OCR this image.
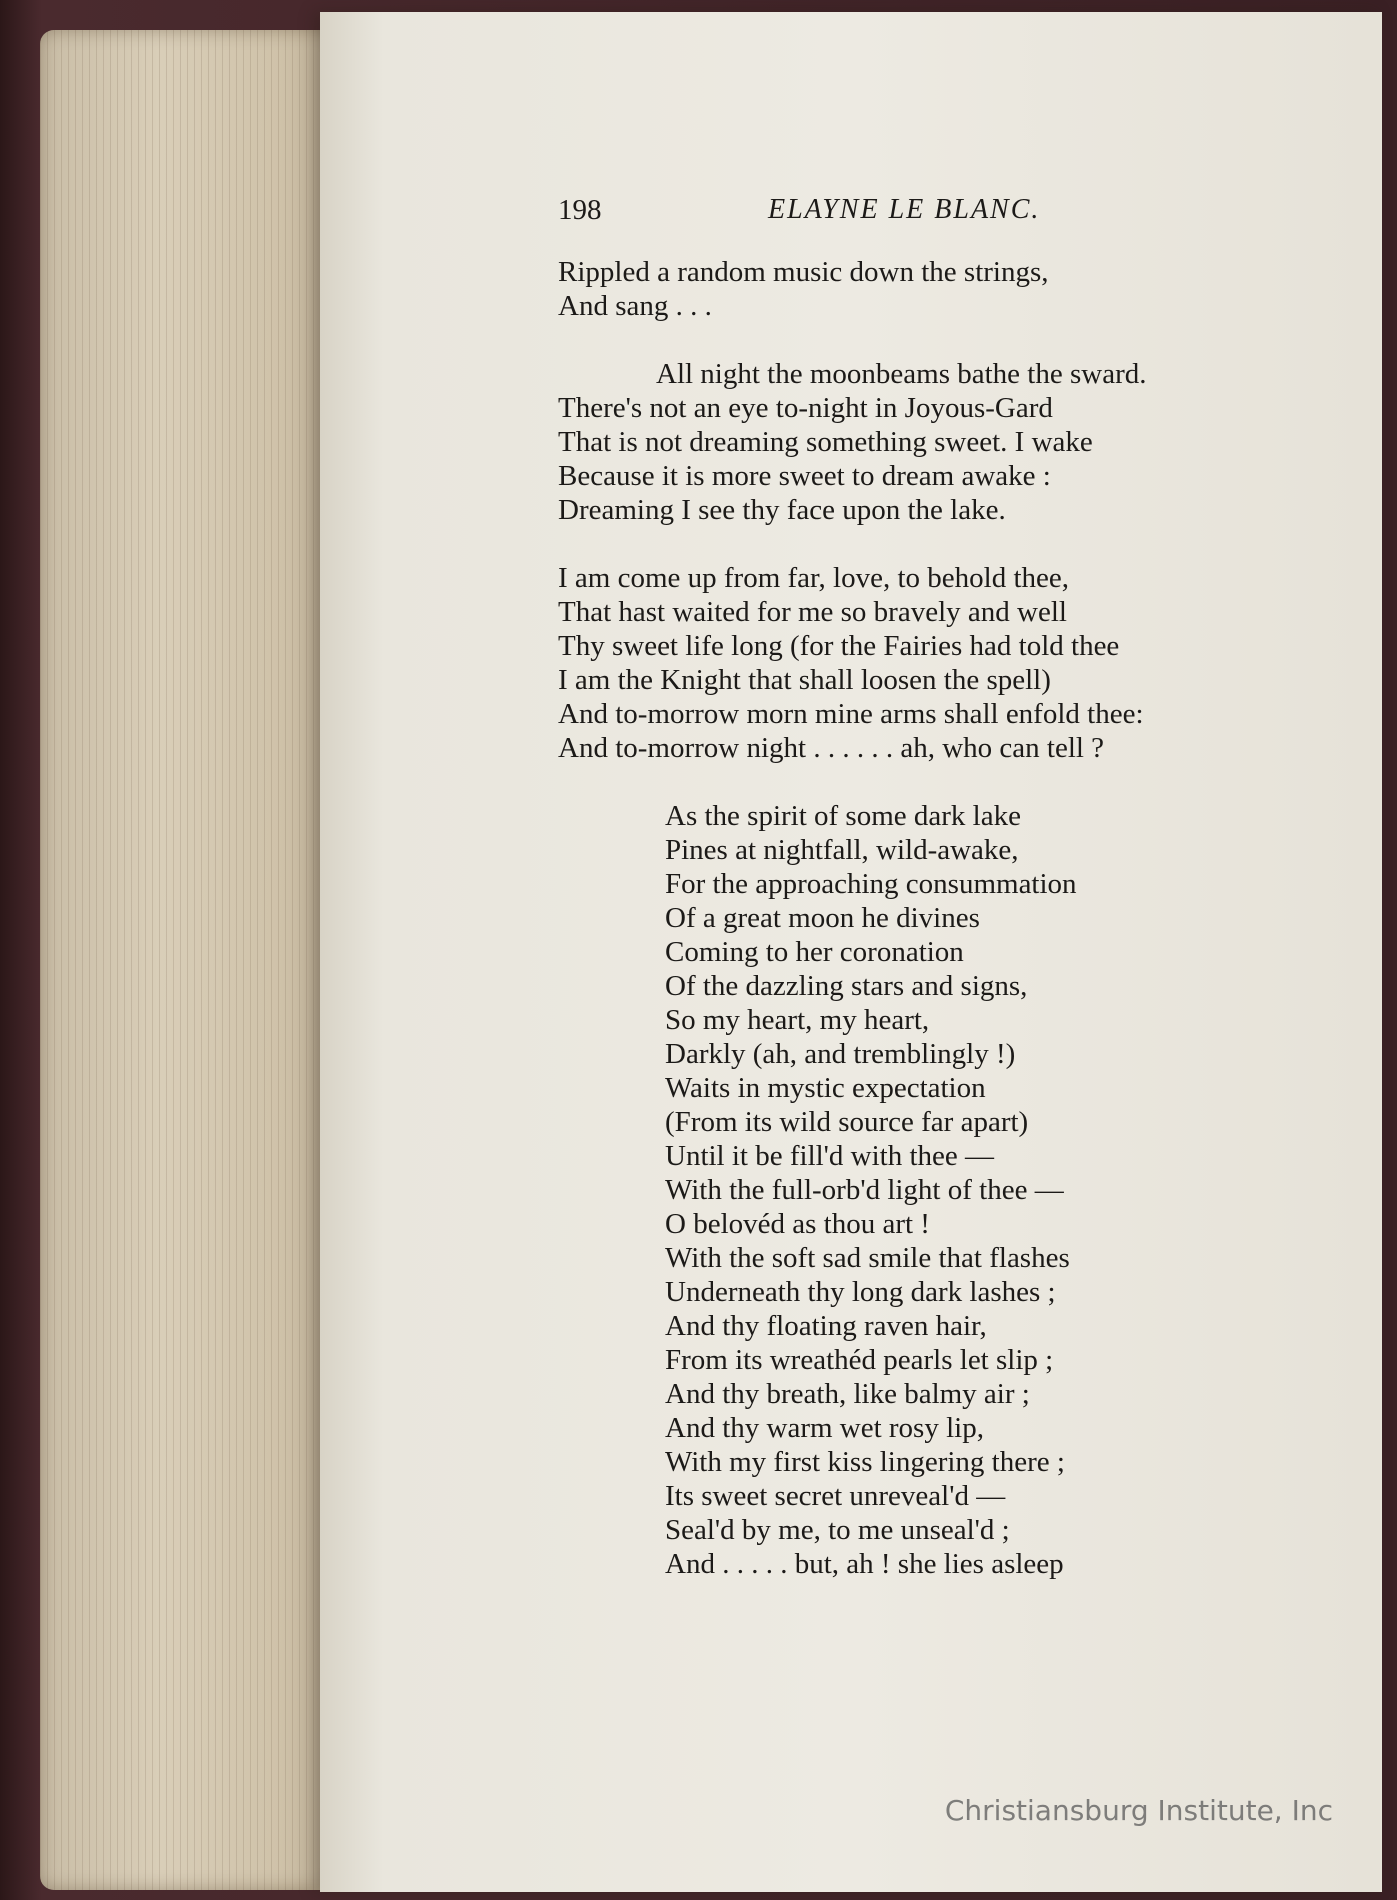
198	ELAYNE LE BLANC.
Rippled a random music down the strings,
And sang . . .
All night the moonbeams bathe the sward.
There's not an eye to-night in Joyous-Gard
That is not dreaming something sweet. I wake
Because it is more sweet to dream awake :
Dreaming I see thy face upon the lake.
I am come up from far, love, to behold thee,
That hast waited for me so bravely and well
Thy sweet life long (for the Fairies had told thee
I am the Knight that shall loosen the spell)
And to-morrow morn mine arms shall enfold thee:
And to-morrow night . . . . . . ah, who can tell ?
As the spirit of some dark lake
Pines at nightfall, wild-awake,
For the approaching consummation
Of a great moon he divines
Coming to her coronation
Of the dazzling stars and signs,
So my heart, my heart,
Darkly (ah, and tremblingly !)
Waits in mystic expectation
(From its wild source far apart)
Until it be fill'd with thee —
With the full-orb'd light of thee —
O belovéd as thou art !
With the soft sad smile that flashes
Underneath thy long dark lashes ;
And thy floating raven hair,
From its wreathéd pearls let slip ;
And thy breath, like balmy air ;
And thy warm wet rosy lip,
With my first kiss lingering there ;
Its sweet secret unreveal'd —
Seal'd by me, to me unseal'd ;
And . . . . . but, ah ! she lies asleep
Christiansburg Institute, Inc
